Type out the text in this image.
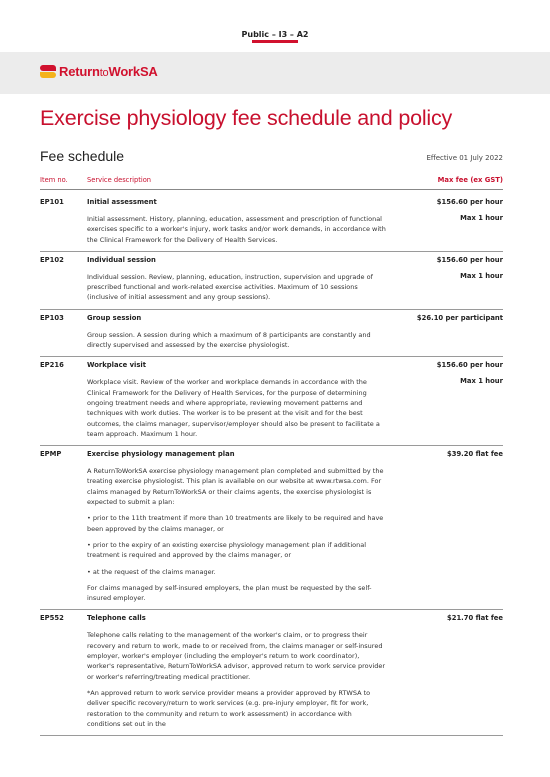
Public – I3 – A2
ReturntoWorkSA
Exercise physiology fee schedule and policy
Fee schedule	Effective 01 July 2022
Item no.	Service description	Max fee (ex GST)
EP101	Initial assessment	$156.60 per hour

Initial assessment. History, planning, education, assessment and prescription of functional exercises specific to a worker's injury, work tasks and/or work demands, in accordance with the Clinical Framework for the Delivery of Health Services.

Max 1 hour
EP102	Individual session	$156.60 per hour

Individual session. Review, planning, education, instruction, supervision and upgrade of prescribed functional and work-related exercise activities. Maximum of 10 sessions (inclusive of initial assessment and any group sessions).

Max 1 hour
EP103	Group session	$26.10 per participant

Group session. A session during which a maximum of 8 participants are constantly and directly supervised and assessed by the exercise physiologist.

EP216	Workplace visit	$156.60 per hour

Workplace visit. Review of the worker and workplace demands in accordance with the Clinical Framework for the Delivery of Health Services, for the purpose of determining ongoing treatment needs and where appropriate, reviewing movement patterns and techniques with work duties. The worker is to be present at the visit and for the best outcomes, the claims manager, supervisor/employer should also be present to facilitate a team approach. Maximum 1 hour.

Max 1 hour
EPMP	Exercise physiology management plan	$39.20 flat fee

A ReturnToWorkSA exercise physiology management plan completed and submitted by the treating exercise physiologist. This plan is available on our website at www.rtwsa.com. For claims managed by ReturnToWorkSA or their claims agents, the exercise physiologist is expected to submit a plan:

• prior to the 11th treatment if more than 10 treatments are likely to be required and have been approved by the claims manager, or

• prior to the expiry of an existing exercise physiology management plan if additional treatment is required and approved by the claims manager, or

• at the request of the claims manager.

For claims managed by self-insured employers, the plan must be requested by the self-insured employer.

EP552	Telephone calls	$21.70 flat fee

Telephone calls relating to the management of the worker's claim, or to progress their recovery and return to work, made to or received from, the claims manager or self-insured employer, worker's employer (including the employer's return to work coordinator), worker's representative, ReturnToWorkSA advisor, approved return to work service provider or worker's referring/treating medical practitioner.

*An approved return to work service provider means a provider approved by RTWSA to deliver specific recovery/return to work services (e.g. pre-injury employer, fit for work, restoration to the community and return to work assessment) in accordance with conditions set out in the
